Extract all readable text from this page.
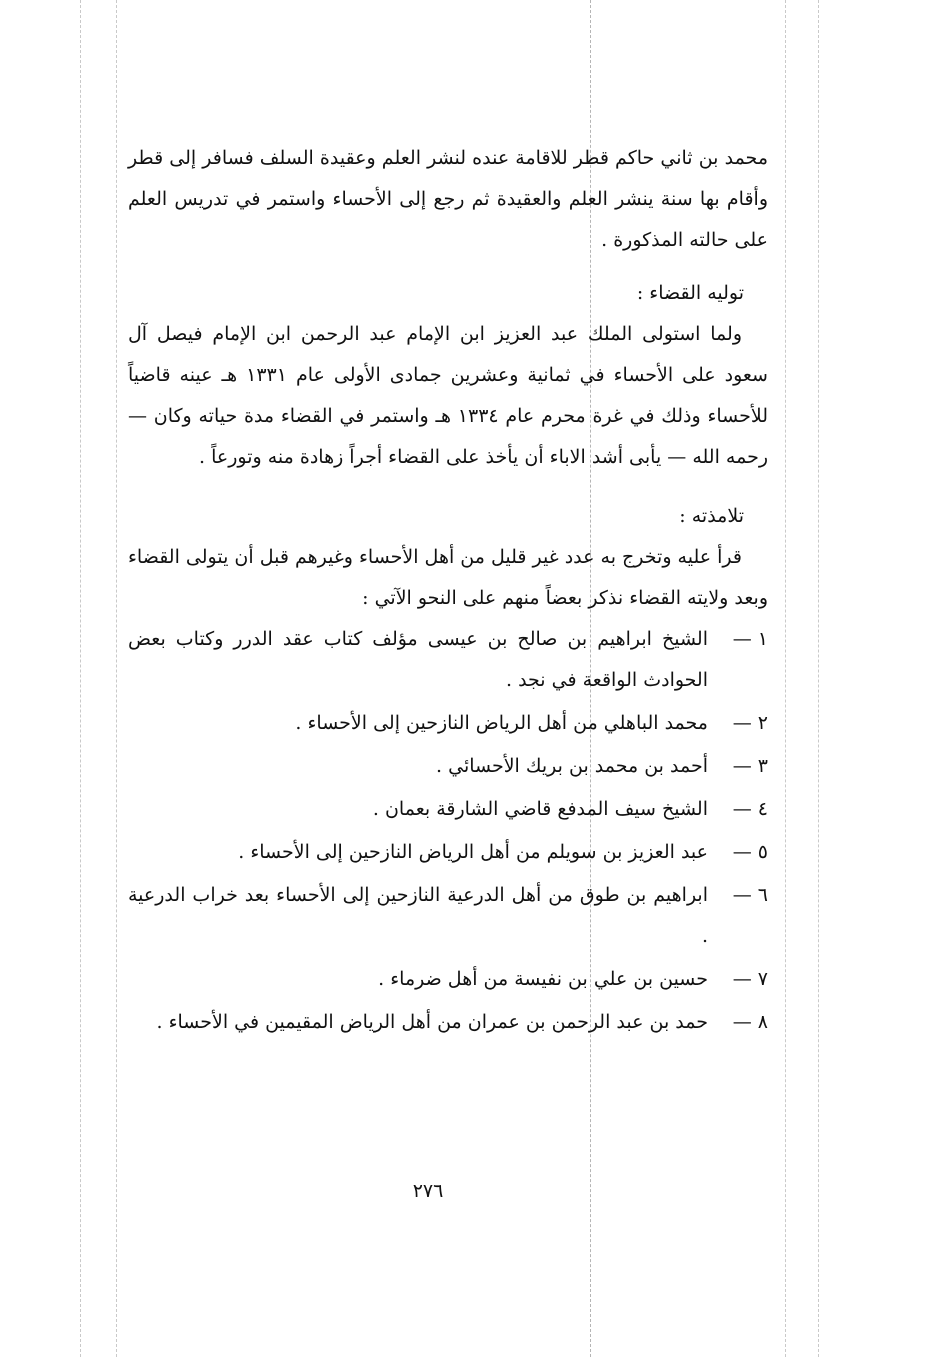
محمد بن ثاني حاكم قطر للاقامة عنده لنشر العلم وعقيدة السلف فسافر إلى قطر وأقام بها سنة ينشر العلم والعقيدة ثم رجع إلى الأحساء واستمر في تدريس العلم على حالته المذكورة .

توليه القضاء :

ولما استولى الملك عبد العزيز ابن الإمام عبد الرحمن ابن الإمام فيصل آل سعود على الأحساء في ثمانية وعشرين جمادى الأولى عام ١٣٣١ هـ عينه قاضياً للأحساء وذلك في غرة محرم عام ١٣٣٤ هـ واستمر في القضاء مدة حياته وكان — رحمه الله — يأبى أشد الاباء أن يأخذ على القضاء أجراً زهادة منه وتورعاً .

تلامذته :

قرأ عليه وتخرج به عدد غير قليل من أهل الأحساء وغيرهم قبل أن يتولى القضاء وبعد ولايته القضاء نذكر بعضاً منهم على النحو الآتي :

١ —
الشيخ ابراهيم بن صالح بن عيسى مؤلف كتاب عقد الدرر وكتاب بعض الحوادث الواقعة في نجد .
٢ —
محمد الباهلي من أهل الرياض النازحين إلى الأحساء .
٣ —
أحمد بن محمد بن بريك الأحسائي .
٤ —
الشيخ سيف المدفع قاضي الشارقة بعمان .
٥ —
عبد العزيز بن سويلم من أهل الرياض النازحين إلى الأحساء .
٦ —
ابراهيم بن طوق من أهل الدرعية النازحين إلى الأحساء بعد خراب الدرعية .
٧ —
حسين بن علي بن نفيسة من أهل ضرماء .
٨ —
حمد بن عبد الرحمن بن عمران من أهل الرياض المقيمين في الأحساء .
٢٧٦
